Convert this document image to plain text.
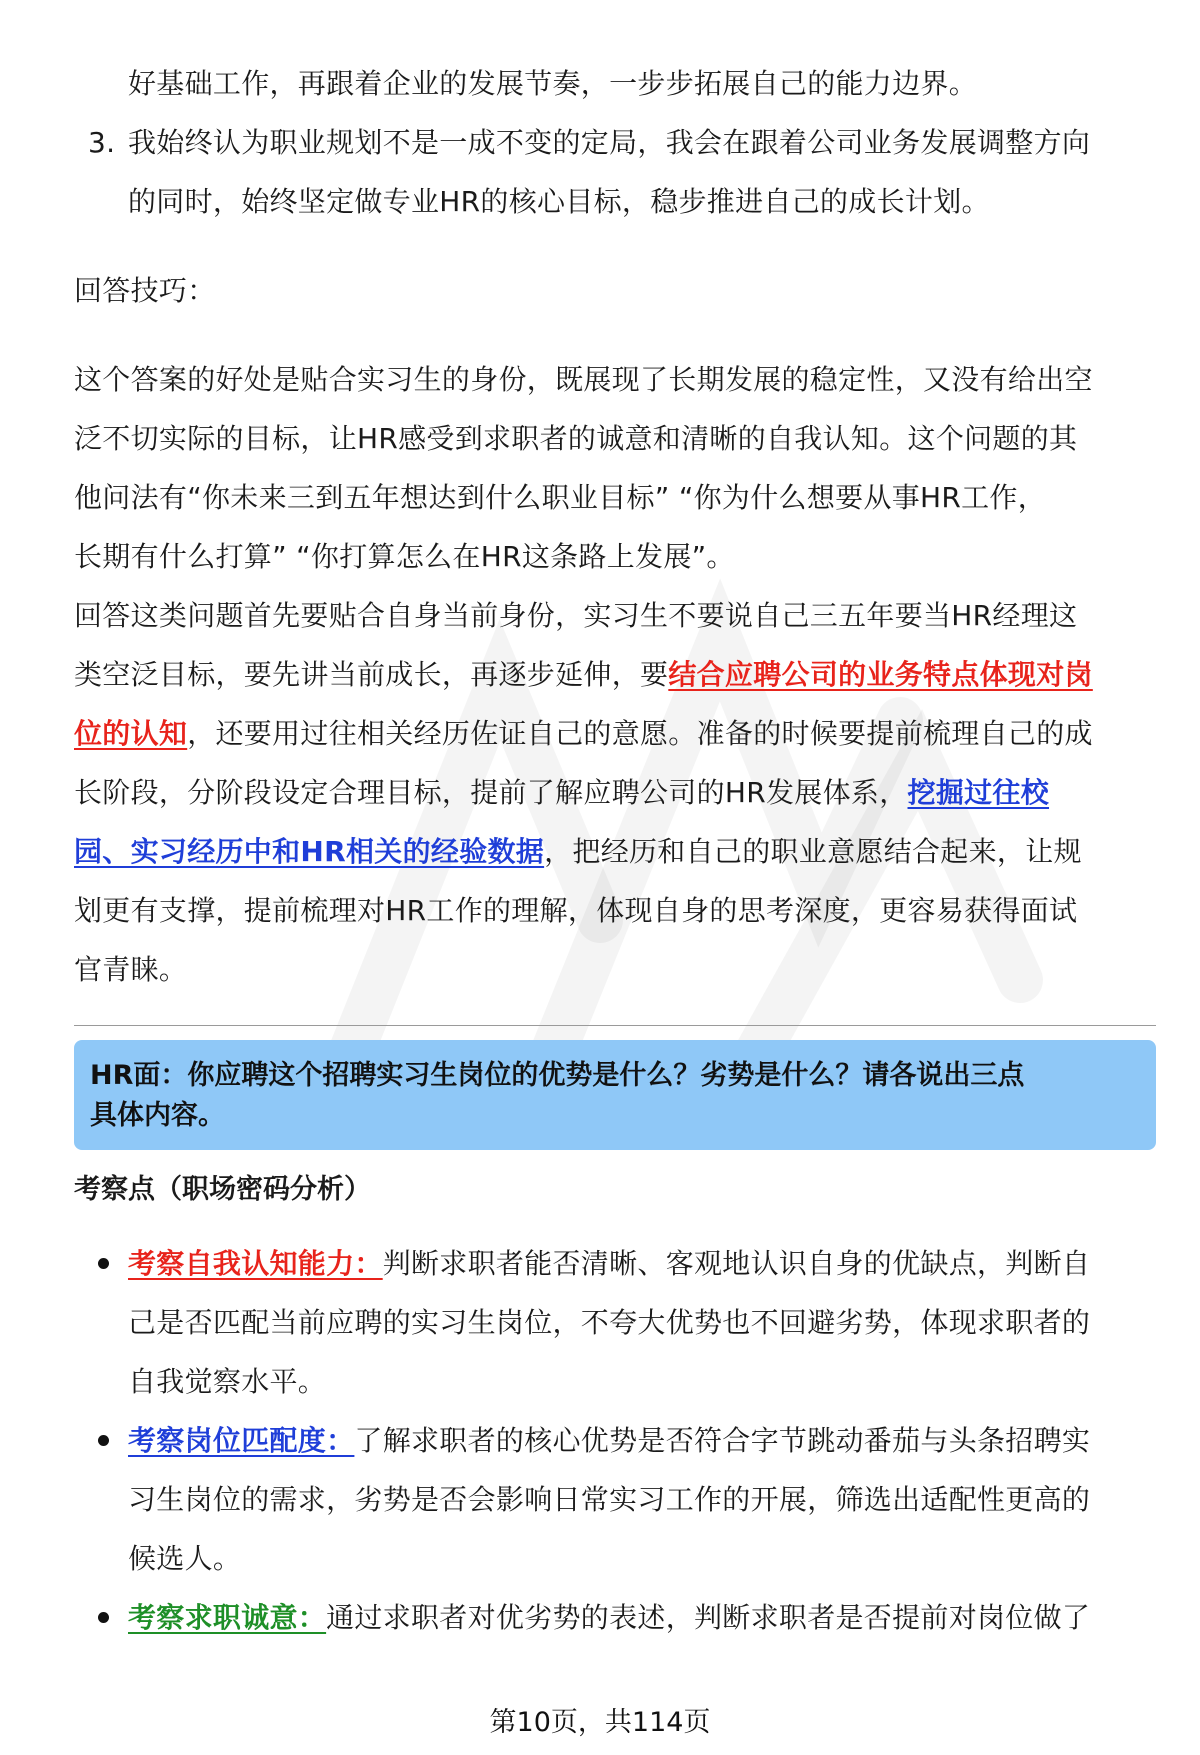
好基础工作，再跟着企业的发展节奏，一步步拓展自己的能力边界。

3. 我始终认为职业规划不是一成不变的定局，我会在跟着公司业务发展调整方向

的同时，始终坚定做专业HR的核心目标，稳步推进自己的成长计划。

回答技巧：

这个答案的好处是贴合实习生的身份，既展现了长期发展的稳定性，又没有给出空

泛不切实际的目标，让HR感受到求职者的诚意和清晰的自我认知。这个问题的其

他问法有“你未来三到五年想达到什么职业目标” “你为什么想要从事HR工作，

长期有什么打算” “你打算怎么在HR这条路上发展”。

回答这类问题首先要贴合自身当前身份，实习生不要说自己三五年要当HR经理这

类空泛目标，要先讲当前成长，再逐步延伸，要结合应聘公司的业务特点体现对岗

位的认知，还要用过往相关经历佐证自己的意愿。准备的时候要提前梳理自己的成

长阶段，分阶段设定合理目标，提前了解应聘公司的HR发展体系，挖掘过往校

园、实习经历中和HR相关的经验数据，把经历和自己的职业意愿结合起来，让规

划更有支撑，提前梳理对HR工作的理解，体现自身的思考深度，更容易获得面试

官青睐。

HR面：你应聘这个招聘实习生岗位的优势是什么？劣势是什么？请各说出三点

具体内容。

考察点（职场密码分析）
考察自我认知能力：判断求职者能否清晰、客观地认识自身的优缺点，判断自
己是否匹配当前应聘的实习生岗位，不夸大优势也不回避劣势，体现求职者的
自我觉察水平。
考察岗位匹配度：了解求职者的核心优势是否符合字节跳动番茄与头条招聘实
习生岗位的需求，劣势是否会影响日常实习工作的开展，筛选出适配性更高的
候选人。
考察求职诚意：通过求职者对优劣势的表述，判断求职者是否提前对岗位做了
第10页，共114页
